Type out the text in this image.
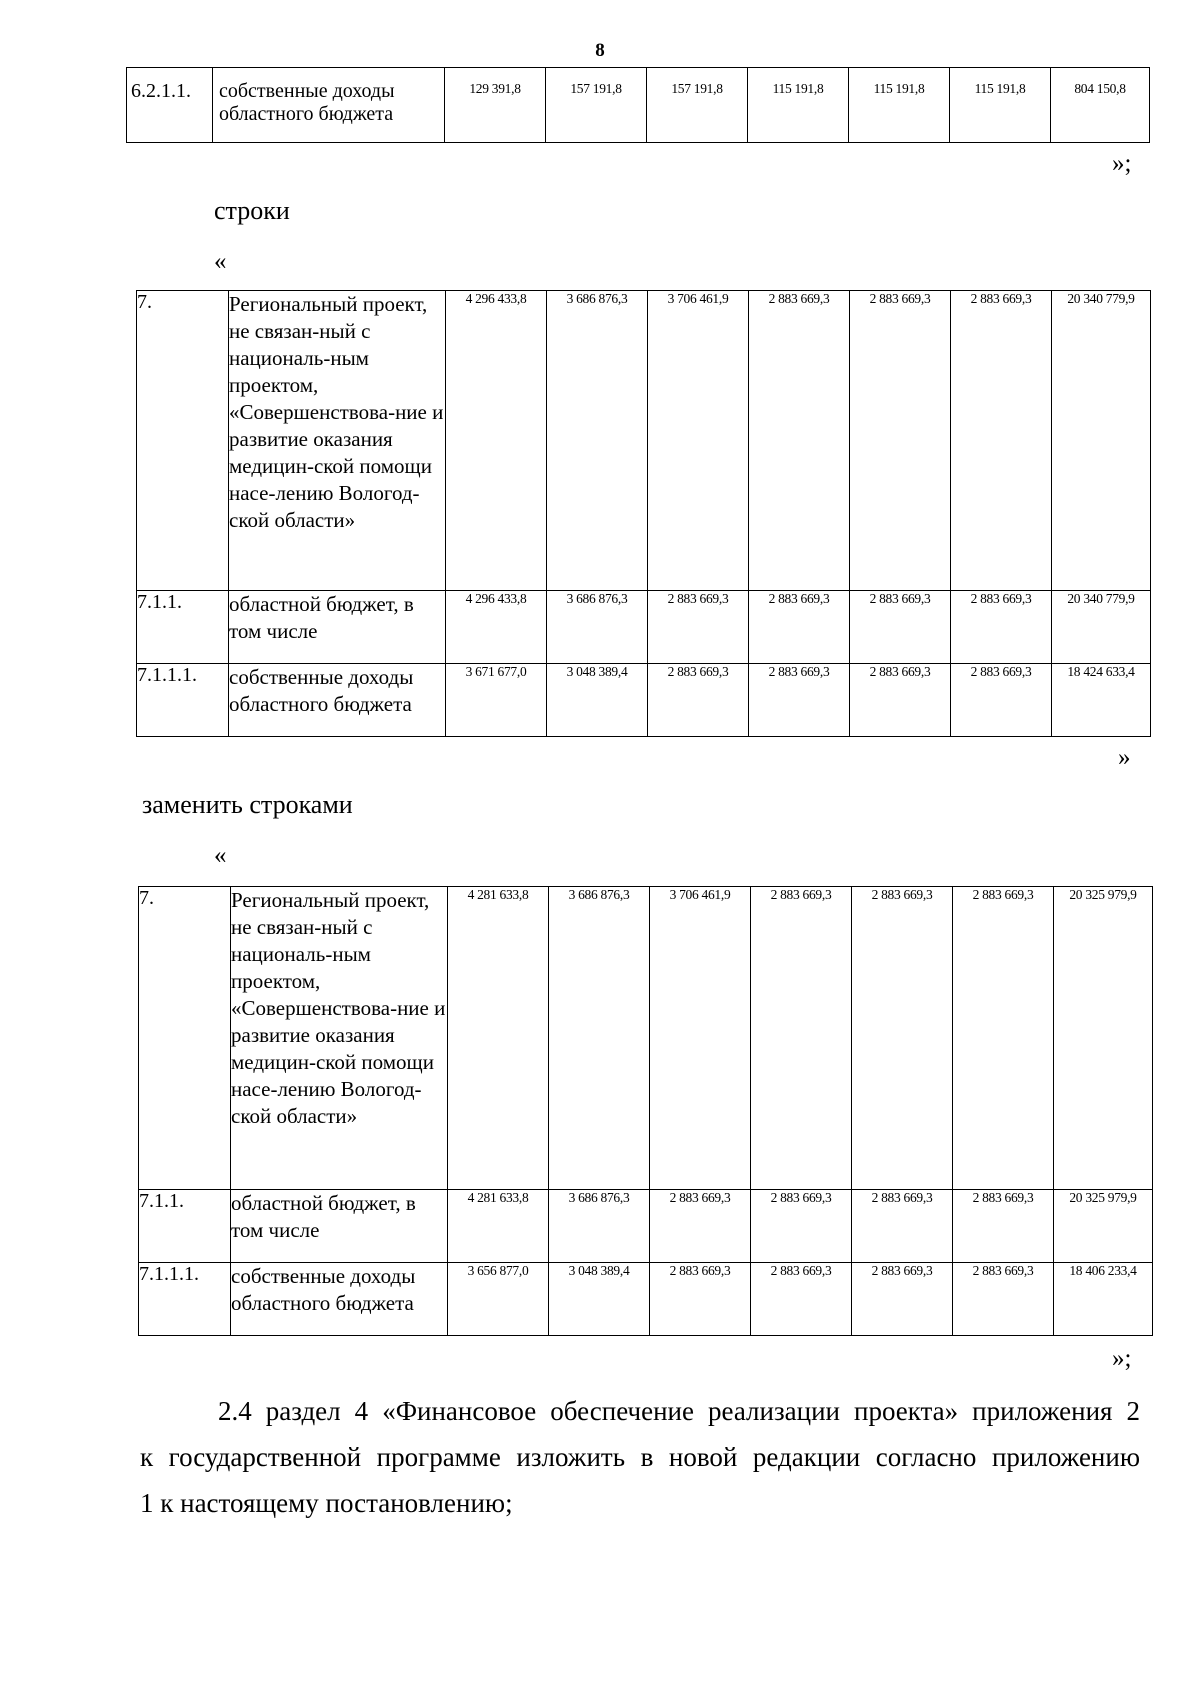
8
6.2.1.1.	собственные доходы областного бюджета	129 391,8	157 191,8	157 191,8	115 191,8	115 191,8	115 191,8	804 150,8
»;
строки
«
7.	Региональный проект, не связан-ный с националь-ным проектом, «Совершенствова-ние и развитие оказания медицин-ской помощи насе-лению Вологод-ской области»	4 296 433,8	3 686 876,3	3 706 461,9	2 883 669,3	2 883 669,3	2 883 669,3	20 340 779,9
7.1.1.	областной бюджет, в том числе	4 296 433,8	3 686 876,3	2 883 669,3	2 883 669,3	2 883 669,3	2 883 669,3	20 340 779,9
7.1.1.1.	собственные доходы областного бюджета	3 671 677,0	3 048 389,4	2 883 669,3	2 883 669,3	2 883 669,3	2 883 669,3	18 424 633,4
»
заменить строками
«
7.	Региональный проект, не связан-ный с националь-ным проектом, «Совершенствова-ние и развитие оказания медицин-ской помощи насе-лению Вологод-ской области»	4 281 633,8	3 686 876,3	3 706 461,9	2 883 669,3	2 883 669,3	2 883 669,3	20 325 979,9
7.1.1.	областной бюджет, в том числе	4 281 633,8	3 686 876,3	2 883 669,3	2 883 669,3	2 883 669,3	2 883 669,3	20 325 979,9
7.1.1.1.	собственные доходы областного бюджета	3 656 877,0	3 048 389,4	2 883 669,3	2 883 669,3	2 883 669,3	2 883 669,3	18 406 233,4
»;

2.4 раздел 4 «Финансовое обеспечение реализации проекта» приложения 2

к государственной программе изложить в новой редакции согласно приложению

1 к настоящему постановлению;
